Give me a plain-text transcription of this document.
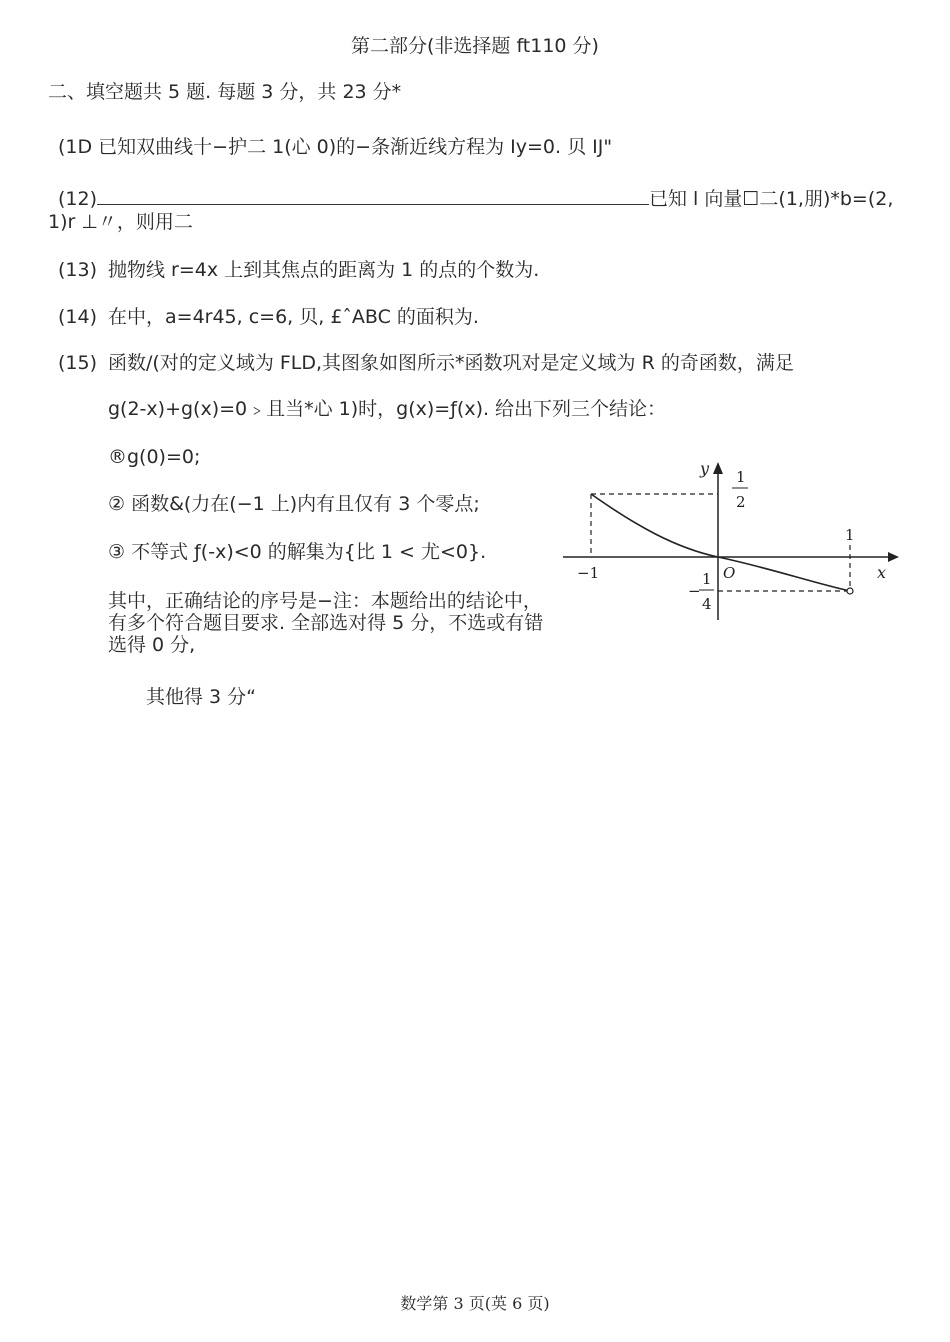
第二部分(非选择题 ft110 分)
二、填空题共 5 题. 每题 3 分，共 23 分*
(1D 已知双曲线十−护二 1(心 0)的−条渐近线方程为 Iy=0. 贝 IJ"
(12)	已知 l 向量☐二(1,朋)*b=(2,
1)r ⊥〃，则用二
(13) 抛物线 r=4x 上到其焦点的距离为 1 的点的个数为.
(14) 在中，a=4r45, c=6, 贝, £ˆABC 的面积为.
(15) 函数/(对的定义域为 FLD,其图象如图所示*函数巩对是定义域为 R 的奇函数，满足
g(2-x)+g(x)=0﹥且当*心 1)时，g(x)=ƒ(x). 给出下列三个结论：
®g(0)=0;
② 函数&(力在(−1 上)内有且仅有 3 个零点;
③ 不等式 ƒ(-x)<0 的解集为{比 1 < 尤<0}.
其中，正确结论的序号是−注：本题给出的结论中，有多个符合题目要求. 全部选对得 5 分，不选或有错选得 0 分,
其他得 3 分“
y
x
O
−1
1
1
2
−
1
4
数学第 3 页(英 6 页)
